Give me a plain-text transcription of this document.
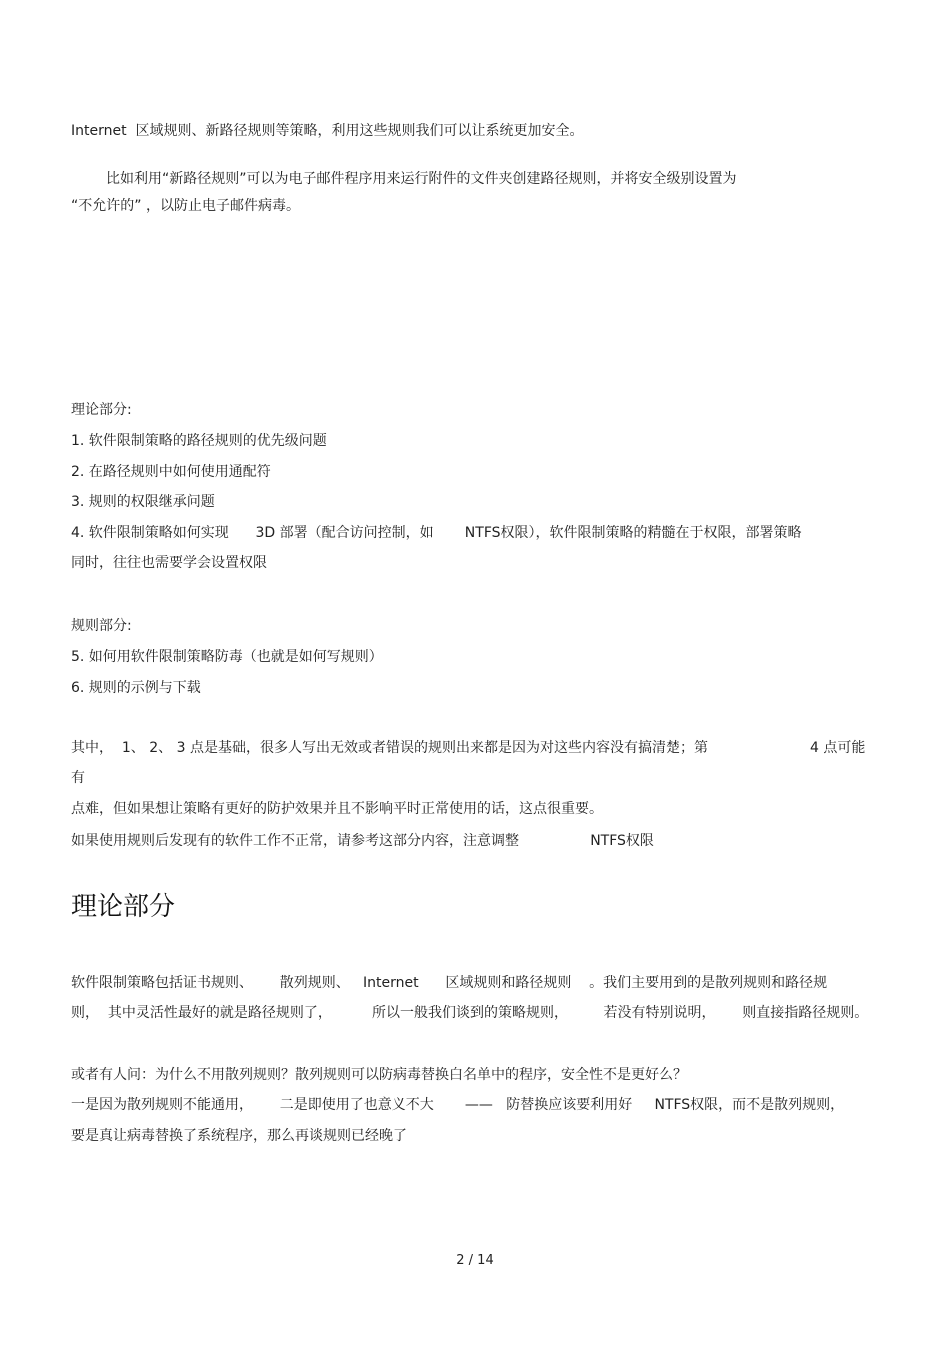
Internet  区域规则、新路径规则等策略，利用这些规则我们可以让系统更加安全。
比如利用“新路径规则”可以为电子邮件程序用来运行附件的文件夹创建路径规则，并将安全级别设置为
“不允许的” ，以防止电子邮件病毒。
理论部分:
1. 软件限制策略的路径规则的优先级问题
2. 在路径规则中如何使用通配符
3. 规则的权限继承问题
4. 软件限制策略如何实现      3D 部署（配合访问控制，如       NTFS权限），软件限制策略的精髓在于权限，部署策略
同时，往往也需要学会设置权限
规则部分:
5. 如何用软件限制策略防毒（也就是如何写规则）
6. 规则的示例与下载
其中，  1、 2、 3 点是基础，很多人写出无效或者错误的规则出来都是因为对这些内容没有搞清楚；第	4 点可能
有
点难，但如果想让策略有更好的防护效果并且不影响平时正常使用的话，这点很重要。
如果使用规则后发现有的软件工作不正常，请参考这部分内容，注意调整                NTFS权限
理论部分
软件限制策略包括证书规则、      散列规则、   Internet      区域规则和路径规则    。我们主要用到的是散列规则和路径规
则，  其中灵活性最好的就是路径规则了，         所以一般我们谈到的策略规则，        若没有特别说明，      则直接指路径规则。
或者有人问：为什么不用散列规则？散列规则可以防病毒替换白名单中的程序，安全性不是更好么？
一是因为散列规则不能通用，      二是即使用了也意义不大       ——   防替换应该要利用好     NTFS权限，而不是散列规则，
要是真让病毒替换了系统程序，那么再谈规则已经晚了
2 / 14
